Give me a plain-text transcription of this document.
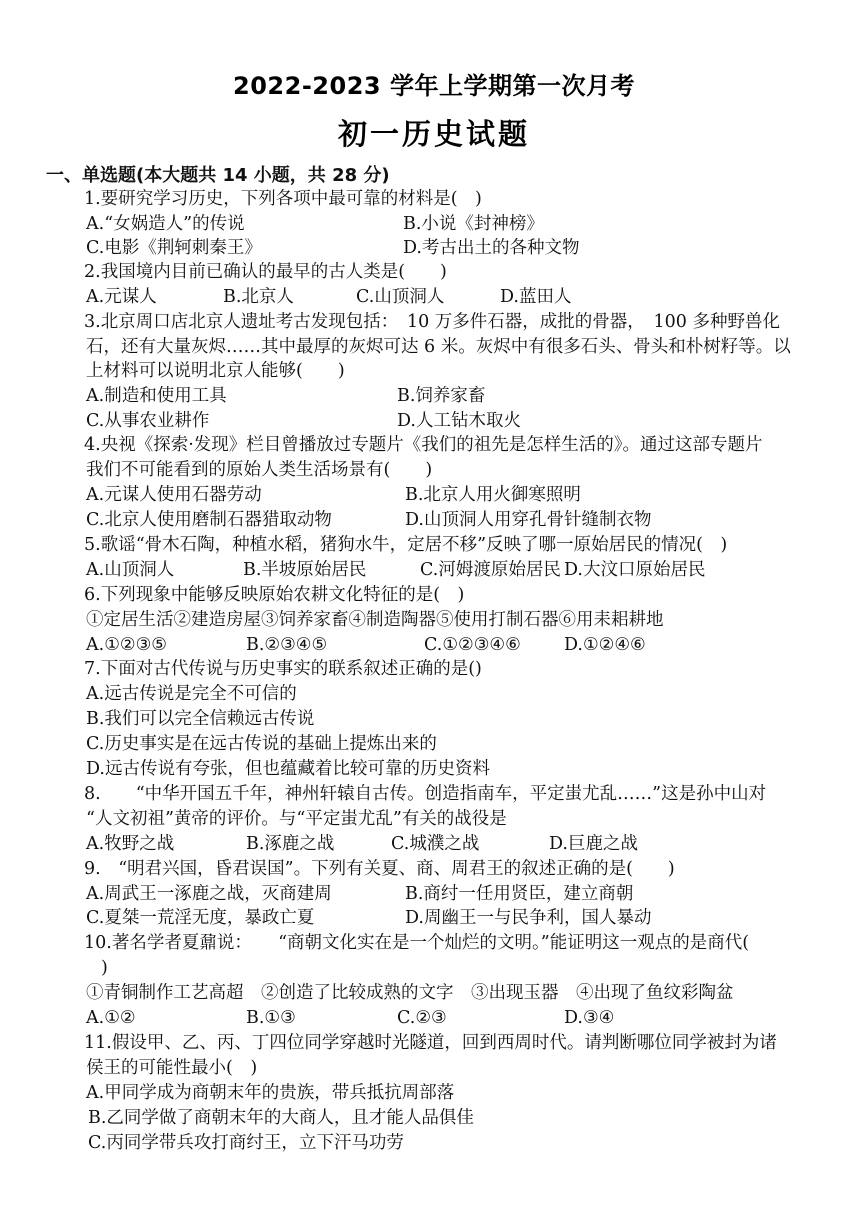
2022-2023 学年上学期第一次月考
初一历史试题
一、单选题(本大题共 14 小题，共 28 分)
1.要研究学习历史，下列各项中最可靠的材料是(　)
A.“女娲造人”的传说	B.小说《封神榜》
C.电影《荆轲刺秦王》	D.考古出土的各种文物
2.我国境内目前已确认的最早的古人类是(　　)
A.元谋人	B.北京人	C.山顶洞人	D.蓝田人
3.北京周口店北京人遗址考古发现包括：　10 万多件石器，成批的骨器，　100 多种野兽化
石，还有大量灰烬……其中最厚的灰烬可达 6 米。灰烬中有很多石头、骨头和朴树籽等。以
上材料可以说明北京人能够(　　)
A.制造和使用工具	B.饲养家畜
C.从事农业耕作	D.人工钻木取火
4.央视《探索·发现》栏目曾播放过专题片《我们的祖先是怎样生活的》。通过这部专题片
我们不可能看到的原始人类生活场景有(　　)
A.元谋人使用石器劳动	B.北京人用火御寒照明
C.北京人使用磨制石器猎取动物	D.山顶洞人用穿孔骨针缝制衣物
5.歌谣“骨木石陶，种植水稻，猪狗水牛，定居不移”反映了哪一原始居民的情况(　)
A.山顶洞人	B.半坡原始居民	C.河姆渡原始居民 D.大汶口原始居民
6.下列现象中能够反映原始农耕文化特征的是(　)
①定居生活②建造房屋③饲养家畜④制造陶器⑤使用打制石器⑥用耒耜耕地
A.①②③⑤	B.②③④⑤	C.①②③④⑥ D.①②④⑥
7.下面对古代传说与历史事实的联系叙述正确的是()
A.远古传说是完全不可信的
B.我们可以完全信赖远古传说
C.历史事实是在远古传说的基础上提炼出来的
D.远古传说有夸张，但也蕴藏着比较可靠的历史资料
8.　　“中华开国五千年，神州轩辕自古传。创造指南车，平定蚩尤乱……”这是孙中山对
“人文初祖”黄帝的评价。与“平定蚩尤乱”有关的战役是
A.牧野之战	B.涿鹿之战	C.城濮之战	D.巨鹿之战
9.　“明君兴国，昏君误国”。下列有关夏、商、周君王的叙述正确的是(　　)
A.周武王一涿鹿之战，灭商建周	B.商纣一任用贤臣，建立商朝
C.夏桀一荒淫无度，暴政亡夏	D.周幽王一与民争利，国人暴动
10.著名学者夏鼐说：　　“商朝文化实在是一个灿烂的文明。”能证明这一观点的是商代(
)
①青铜制作工艺高超　②创造了比较成熟的文字　③出现玉器　④出现了鱼纹彩陶盆
A.①②	B.①③	C.②③	D.③④
11.假设甲、乙、丙、丁四位同学穿越时光隧道，回到西周时代。请判断哪位同学被封为诸
侯王的可能性最小(　)
A.甲同学成为商朝末年的贵族，带兵抵抗周部落
B.乙同学做了商朝末年的大商人，且才能人品俱佳
C.丙同学带兵攻打商纣王，立下汗马功劳
